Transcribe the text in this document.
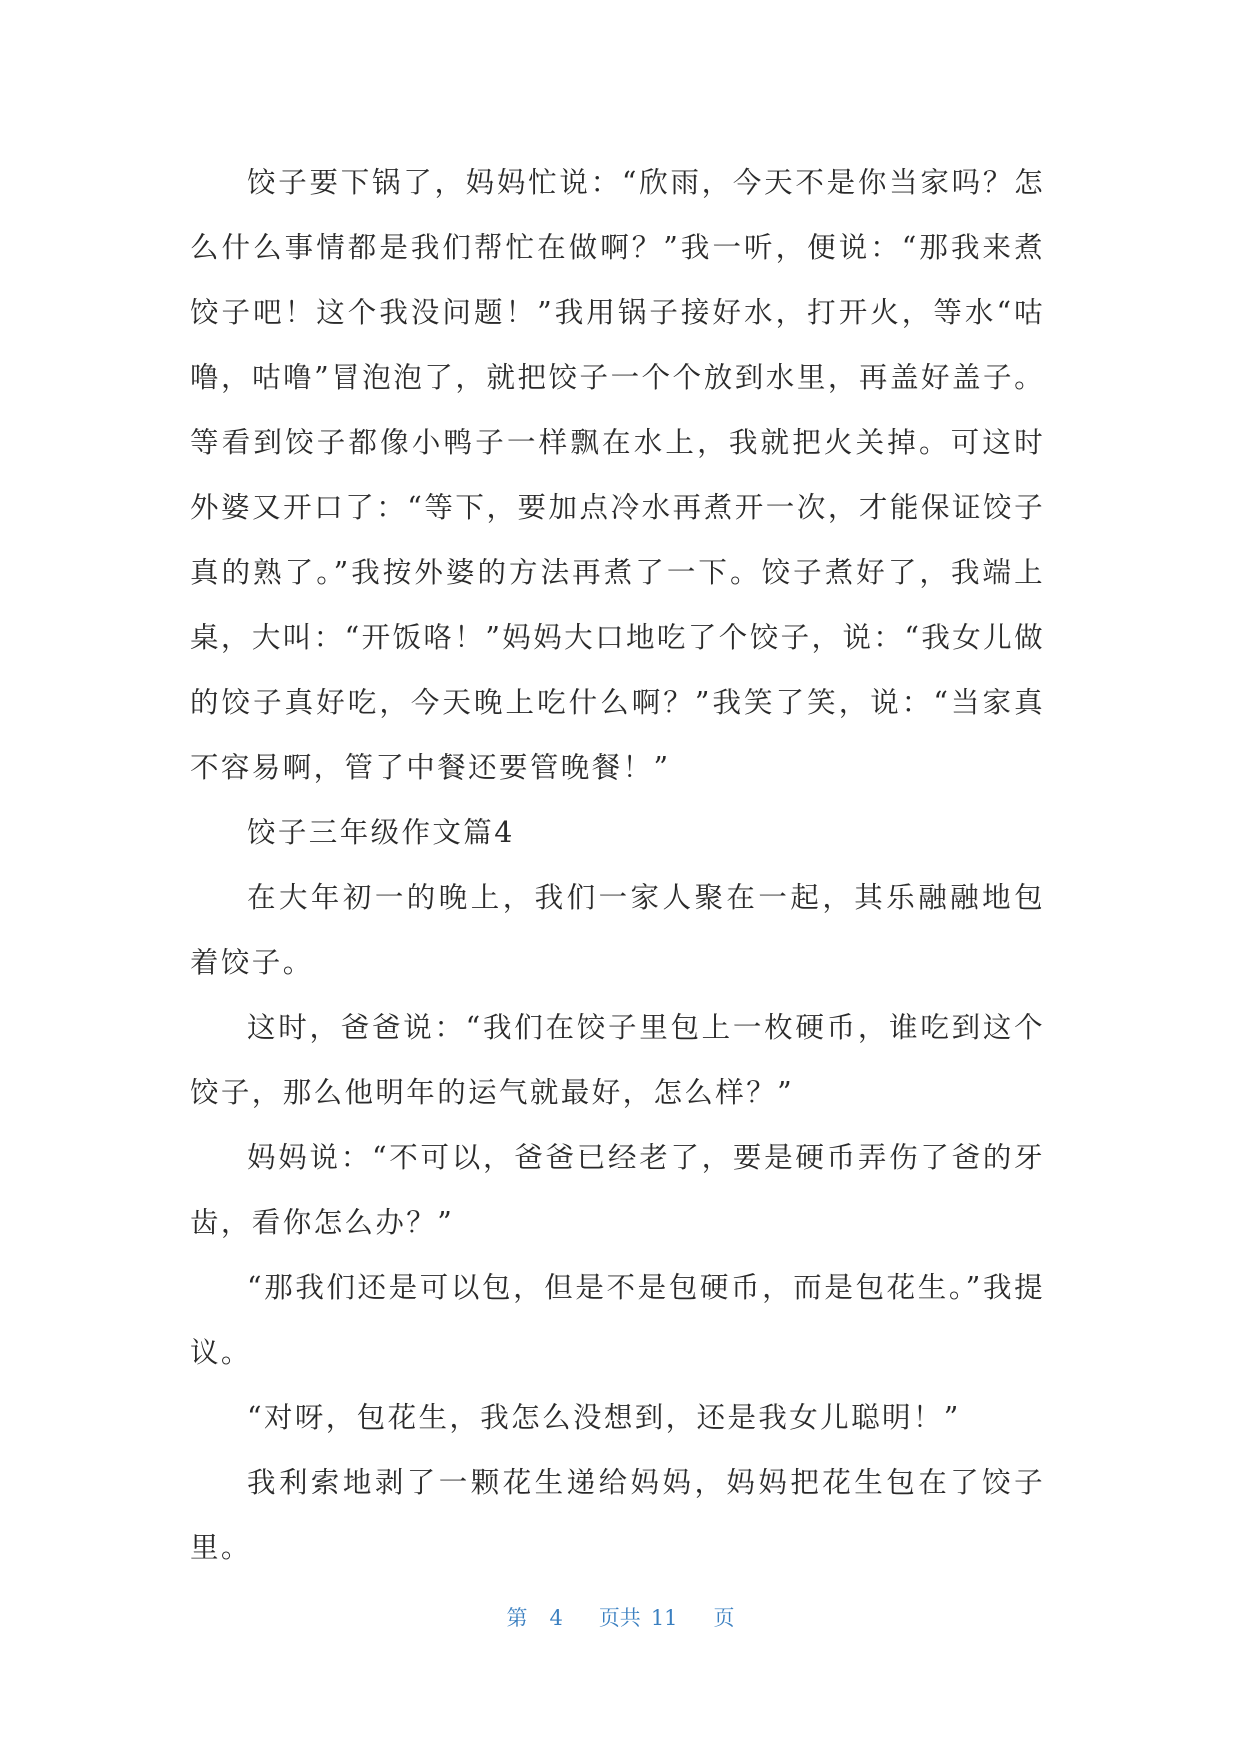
饺子要下锅了，妈妈忙说：“欣雨，今天不是你当家吗？怎么什么事情都是我们帮忙在做啊？”我一听，便说：“那我来煮饺子吧！这个我没问题！”我用锅子接好水，打开火，等水“咕噜，咕噜”冒泡泡了，就把饺子一个个放到水里，再盖好盖子。等看到饺子都像小鸭子一样飘在水上，我就把火关掉。可这时外婆又开口了：“等下，要加点冷水再煮开一次，才能保证饺子真的熟了。”我按外婆的方法再煮了一下。饺子煮好了，我端上桌，大叫：“开饭咯！”妈妈大口地吃了个饺子，说：“我女儿做的饺子真好吃，今天晚上吃什么啊？”我笑了笑，说：“当家真不容易啊，管了中餐还要管晚餐！”

饺子三年级作文篇4

在大年初一的晚上，我们一家人聚在一起，其乐融融地包着饺子。

这时，爸爸说：“我们在饺子里包上一枚硬币，谁吃到这个饺子，那么他明年的运气就最好，怎么样？”

妈妈说：“不可以，爸爸已经老了，要是硬币弄伤了爸的牙齿，看你怎么办？”

“那我们还是可以包，但是不是包硬币，而是包花生。”我提议。

“对呀，包花生，我怎么没想到，还是我女儿聪明！”

我利索地剥了一颗花生递给妈妈，妈妈把花生包在了饺子里。

第 4 页共 11 页
